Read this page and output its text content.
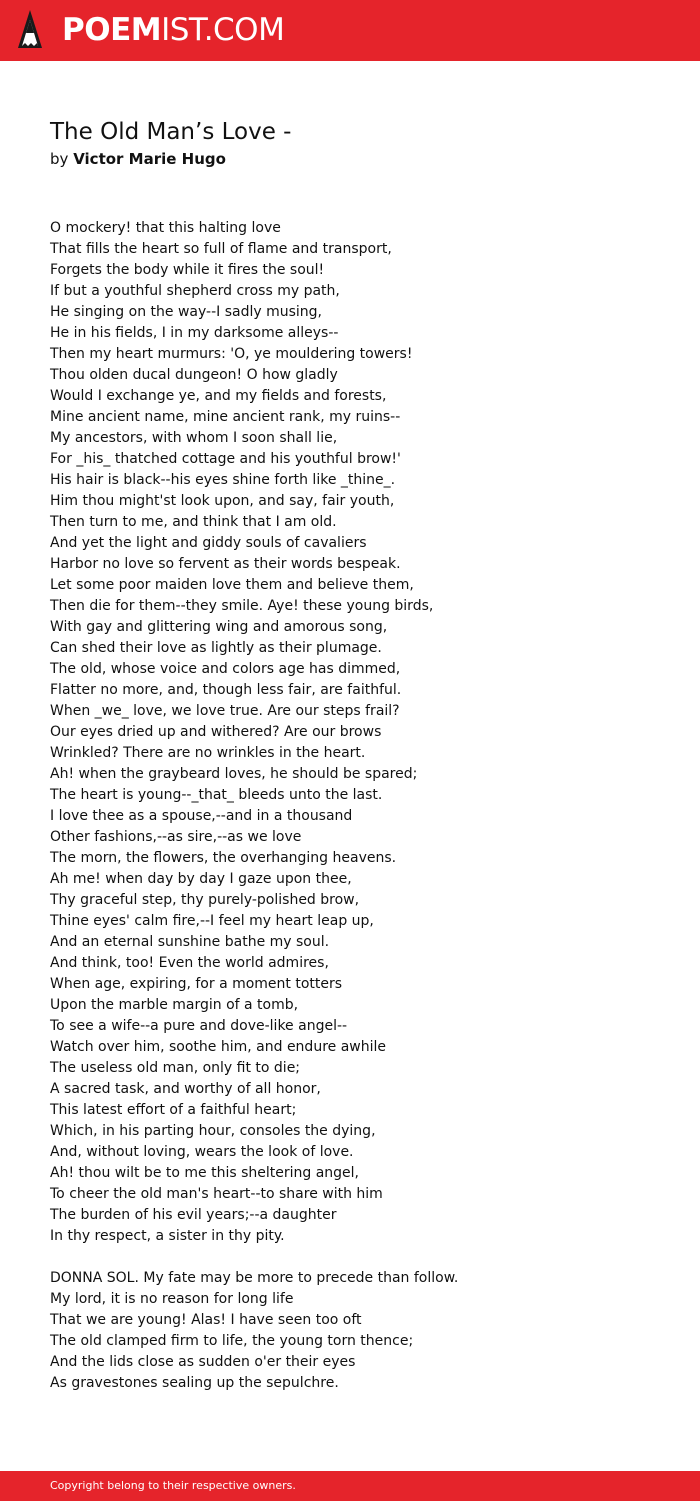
POEMIST.COM
The Old Man’s Love -
by Victor Marie Hugo
O mockery! that this halting love
That fills the heart so full of flame and transport,
Forgets the body while it fires the soul!
If but a youthful shepherd cross my path,
He singing on the way--I sadly musing,
He in his fields, I in my darksome alleys--
Then my heart murmurs: 'O, ye mouldering towers!
Thou olden ducal dungeon! O how gladly
Would I exchange ye, and my fields and forests,
Mine ancient name, mine ancient rank, my ruins--
My ancestors, with whom I soon shall lie,
For _his_ thatched cottage and his youthful brow!'
His hair is black--his eyes shine forth like _thine_.
Him thou might'st look upon, and say, fair youth,
Then turn to me, and think that I am old.
And yet the light and giddy souls of cavaliers
Harbor no love so fervent as their words bespeak.
Let some poor maiden love them and believe them,
Then die for them--they smile. Aye! these young birds,
With gay and glittering wing and amorous song,
Can shed their love as lightly as their plumage.
The old, whose voice and colors age has dimmed,
Flatter no more, and, though less fair, are faithful.
When _we_ love, we love true. Are our steps frail?
Our eyes dried up and withered? Are our brows
Wrinkled? There are no wrinkles in the heart.
Ah! when the graybeard loves, he should be spared;
The heart is young--_that_ bleeds unto the last.
I love thee as a spouse,--and in a thousand
Other fashions,--as sire,--as we love
The morn, the flowers, the overhanging heavens.
Ah me! when day by day I gaze upon thee,
Thy graceful step, thy purely-polished brow,
Thine eyes' calm fire,--I feel my heart leap up,
And an eternal sunshine bathe my soul.
And think, too! Even the world admires,
When age, expiring, for a moment totters
Upon the marble margin of a tomb,
To see a wife--a pure and dove-like angel--
Watch over him, soothe him, and endure awhile
The useless old man, only fit to die;
A sacred task, and worthy of all honor,
This latest effort of a faithful heart;
Which, in his parting hour, consoles the dying,
And, without loving, wears the look of love.
Ah! thou wilt be to me this sheltering angel,
To cheer the old man's heart--to share with him
The burden of his evil years;--a daughter
In thy respect, a sister in thy pity.
DONNA SOL. My fate may be more to precede than follow.
My lord, it is no reason for long life
That we are young! Alas! I have seen too oft
The old clamped firm to life, the young torn thence;
And the lids close as sudden o'er their eyes
As gravestones sealing up the sepulchre.
Copyright belong to their respective owners.
